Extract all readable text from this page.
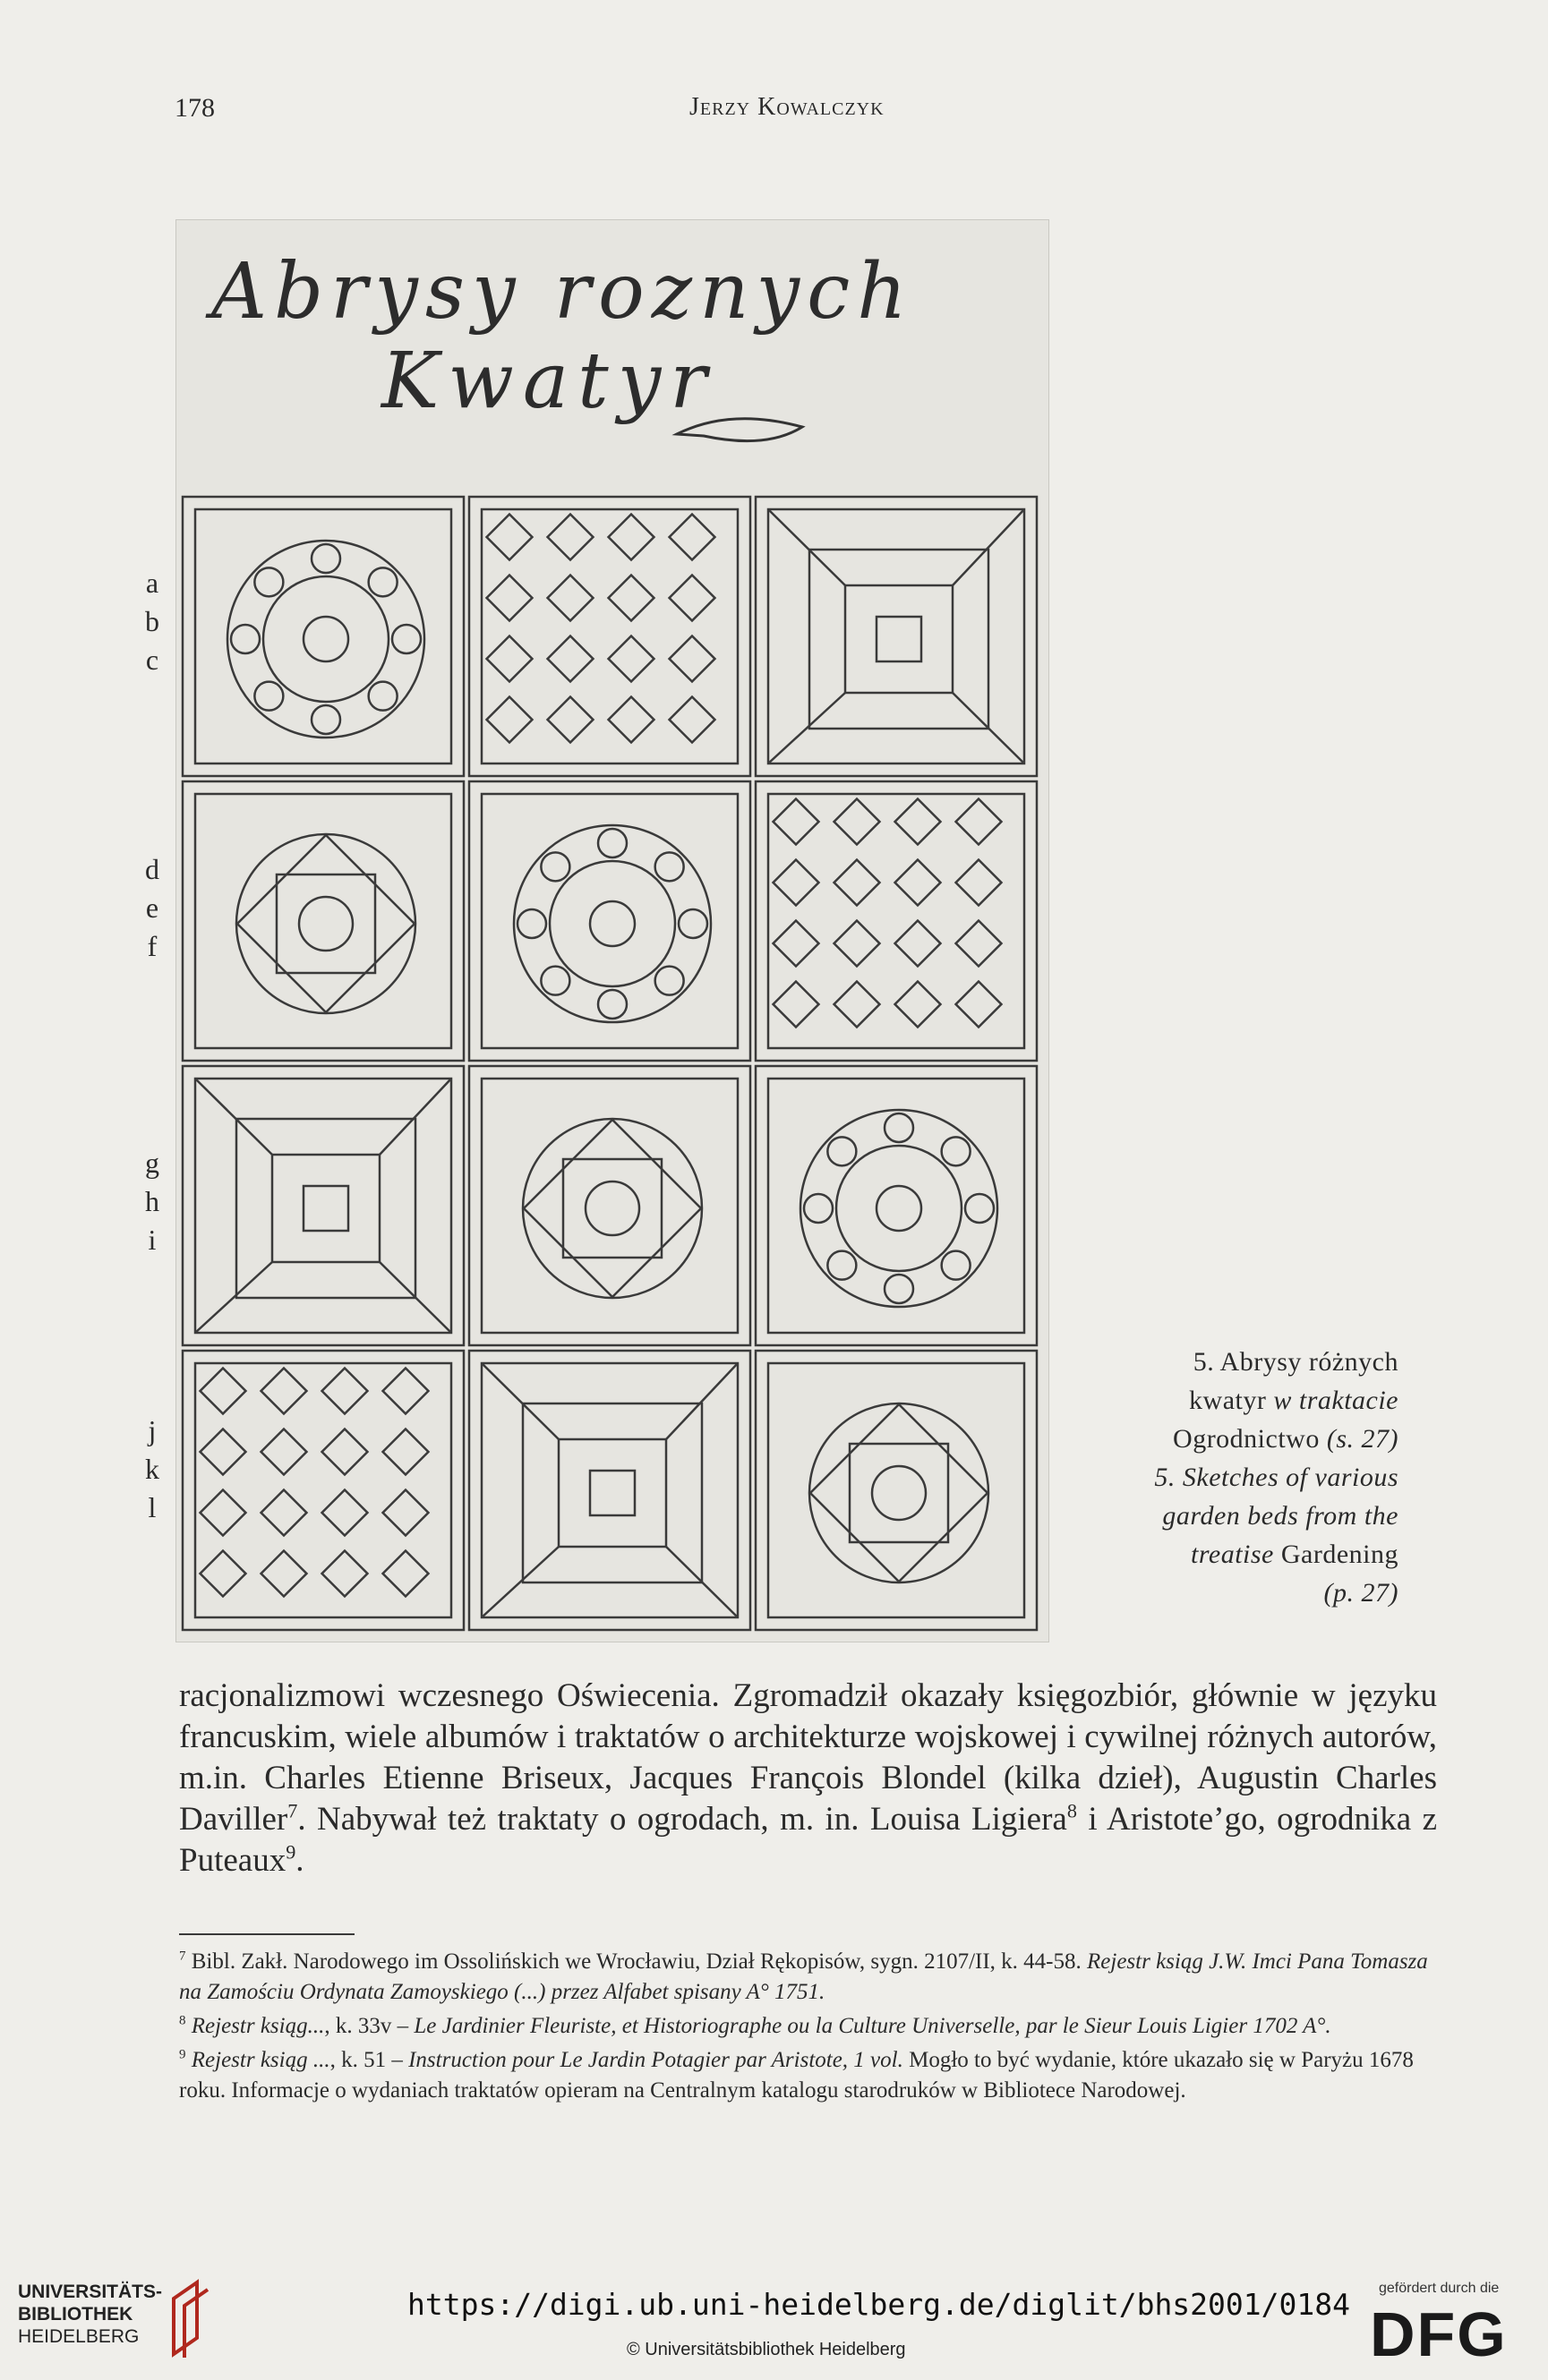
178	Jerzy Kowalczyk
Abrysy roznych
Kwatyr
a
b
c
d
e
f
g
h
i
j
k
l
5. Abrysy różnych
kwatyr w traktacie
Ogrodnictwo (s. 27)
5. Sketches of various
garden beds from the
treatise Gardening
(p. 27)

racjonalizmowi wczesnego Oświecenia. Zgromadził okazały księgozbiór, głównie w języku francuskim, wiele albumów i traktatów o architekturze wojskowej i cywilnej różnych autorów, m.in. Charles Etienne Briseux, Jacques François Blondel (kilka dzieł), Augustin Charles Daviller$^7$. Nabywał też traktaty o ogrodach, m. in. Louisa Ligiera$^8$ i Aristote’go, ogrodnika z Puteaux$^9$.

$^7$ Bibl. Zakł. Narodowego im Ossolińskich we Wrocławiu, Dział Rękopisów, sygn. 2107/II, k. 44-58. Rejestr ksiąg J.W. Imci Pana Tomasza na Zamościu Ordynata Zamoyskiego (...) przez Alfabet spisany A° 1751.

$^8$ Rejestr ksiąg..., k. 33v – Le Jardinier Fleuriste, et Historiographe ou la Culture Universelle, par le Sieur Louis Ligier 1702 A°.

$^9$ Rejestr ksiąg ..., k. 51 – Instruction pour Le Jardin Potagier par Aristote, 1 vol. Mogło to być wydanie, które ukazało się w Paryżu 1678 roku. Informacje o wydaniach traktatów opieram na Centralnym katalogu starodruków w Bibliotece Narodowej.

UNIVERSITÄTS-
BIBLIOTHEK
HEIDELBERG
https://digi.ub.uni-heidelberg.de/diglit/bhs2001/0184
© Universitätsbibliothek Heidelberg
gefördert durch die
DFG
